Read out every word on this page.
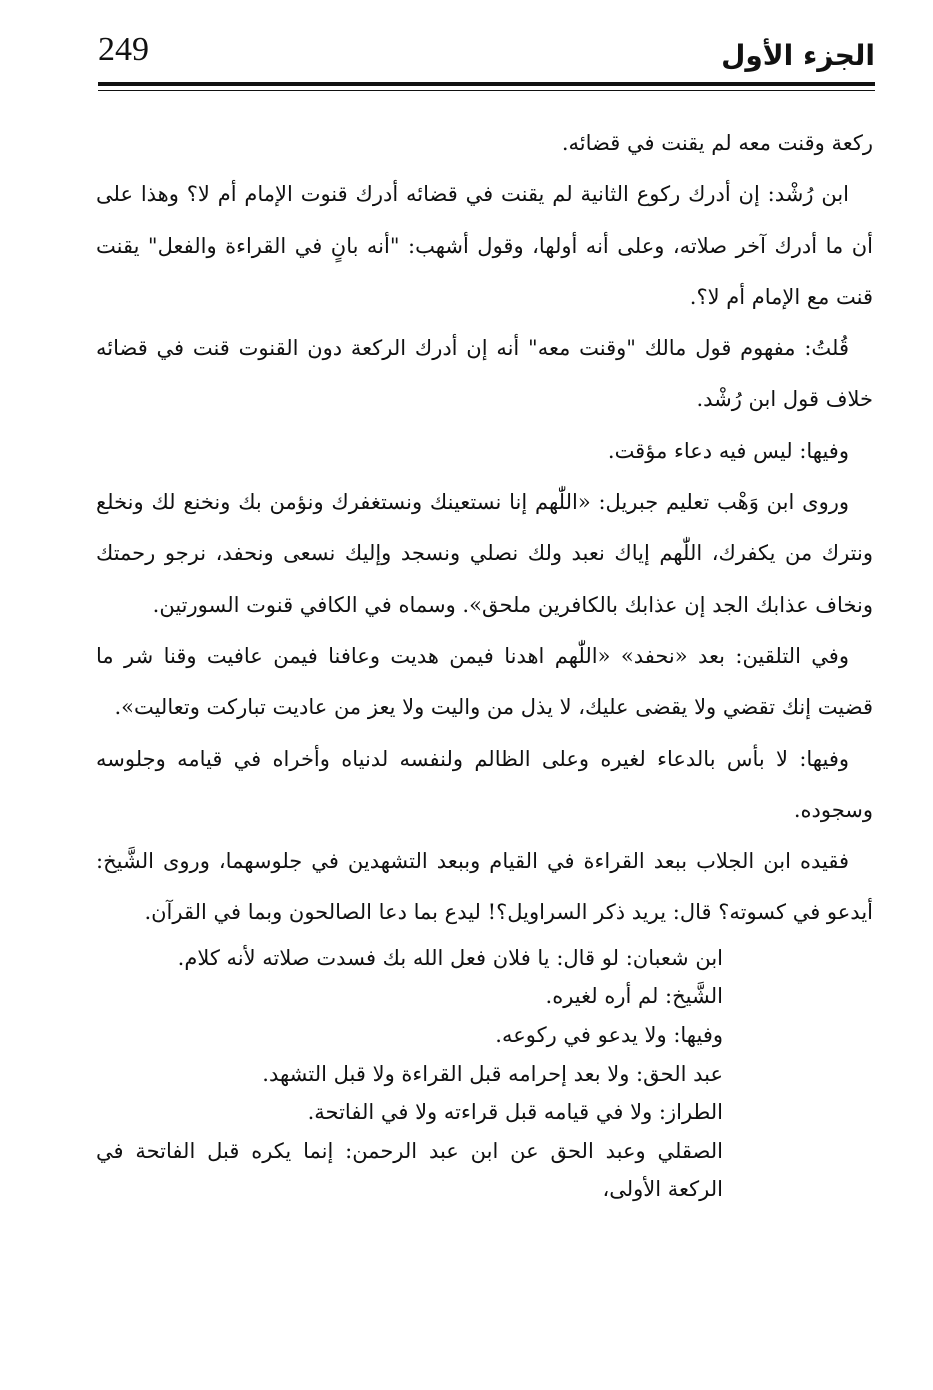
249	الجزء الأول

ركعة وقنت معه لم يقنت في قضائه.

ابن رُشْد: إن أدرك ركوع الثانية لم يقنت في قضائه أدرك قنوت الإمام أم لا؟ وهذا على أن ما أدرك آخر صلاته، وعلى أنه أولها، وقول أشهب: "أنه بانٍ في القراءة والفعل" يقنت قنت مع الإمام أم لا؟.

قُلتُ: مفهوم قول مالك "وقنت معه" أنه إن أدرك الركعة دون القنوت قنت في قضائه خلاف قول ابن رُشْد.

وفيها: ليس فيه دعاء مؤقت.

وروى ابن وَهْب تعليم جبريل: «اللّٰهم إنا نستعينك ونستغفرك ونؤمن بك ونخنع لك ونخلع ونترك من يكفرك، اللّٰهم إياك نعبد ولك نصلي ونسجد وإليك نسعى ونحفد، نرجو رحمتك ونخاف عذابك الجد إن عذابك بالكافرين ملحق». وسماه في الكافي قنوت السورتين.

وفي التلقين: بعد «نحفد» «اللّٰهم اهدنا فيمن هديت وعافنا فيمن عافيت وقنا شر ما قضيت إنك تقضي ولا يقضى عليك، لا يذل من واليت ولا يعز من عاديت تباركت وتعاليت».

وفيها: لا بأس بالدعاء لغيره وعلى الظالم ولنفسه لدنياه وأخراه في قيامه وجلوسه وسجوده.

فقيده ابن الجلاب ببعد القراءة في القيام وببعد التشهدين في جلوسهما، وروى الشَّيخ: أيدعو في كسوته؟ قال: يريد ذكر السراويل؟! ليدع بما دعا الصالحون وبما في القرآن.

ابن شعبان: لو قال: يا فلان فعل الله بك فسدت صلاته لأنه كلام.

الشَّيخ: لم أره لغيره.

وفيها: ولا يدعو في ركوعه.

عبد الحق: ولا بعد إحرامه قبل القراءة ولا قبل التشهد.

الطراز: ولا في قيامه قبل قراءته ولا في الفاتحة.

الصقلي وعبد الحق عن ابن عبد الرحمن: إنما يكره قبل الفاتحة في الركعة الأولى،
